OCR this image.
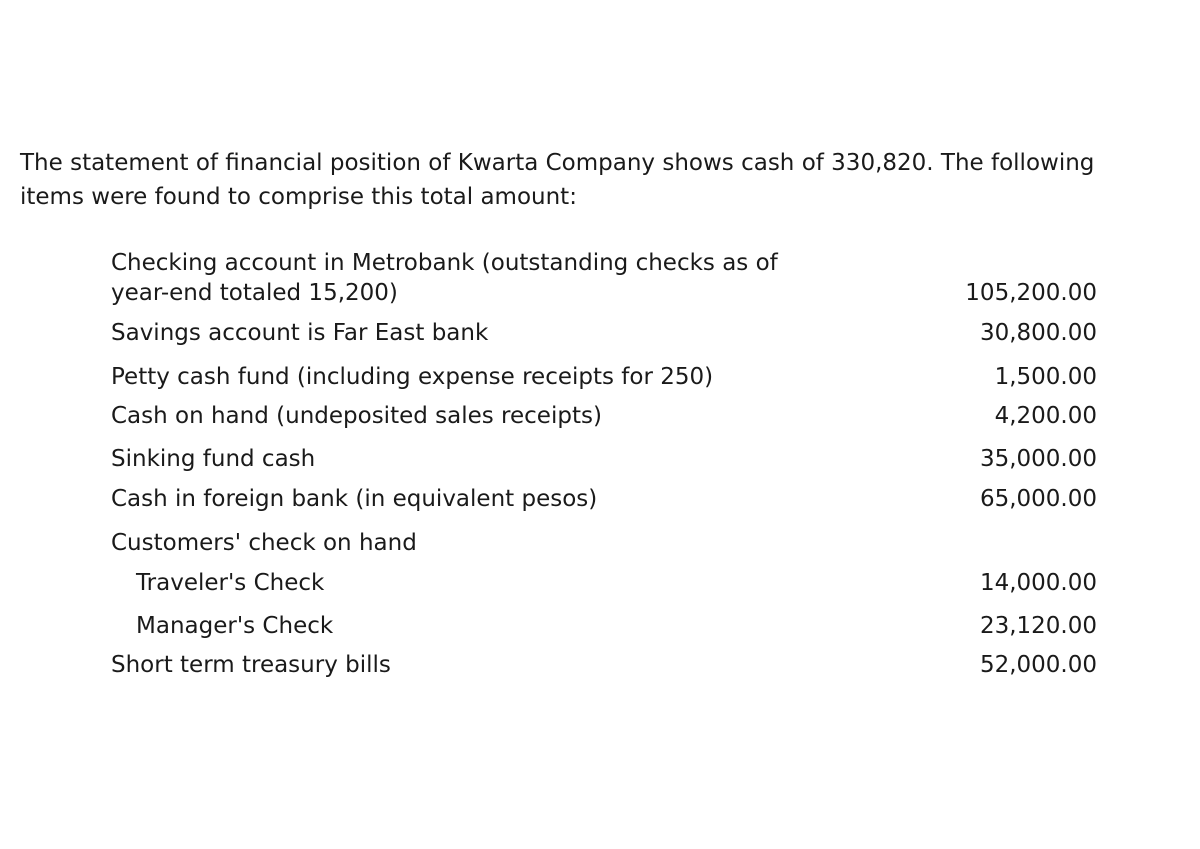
The statement of financial position of Kwarta Company shows cash of 330,820. The following
items were found to comprise this total amount:

Checking account in Metrobank (outstanding checks as of
year-end totaled 15,200)	105,200.00
Savings account is Far East bank	30,800.00
Petty cash fund (including expense receipts for 250)	1,500.00
Cash on hand (undeposited sales receipts)	4,200.00
Sinking fund cash	35,000.00
Cash in foreign bank (in equivalent pesos)	65,000.00
Customers' check on hand
Traveler's Check	14,000.00
Manager's Check	23,120.00
Short term treasury bills	52,000.00
